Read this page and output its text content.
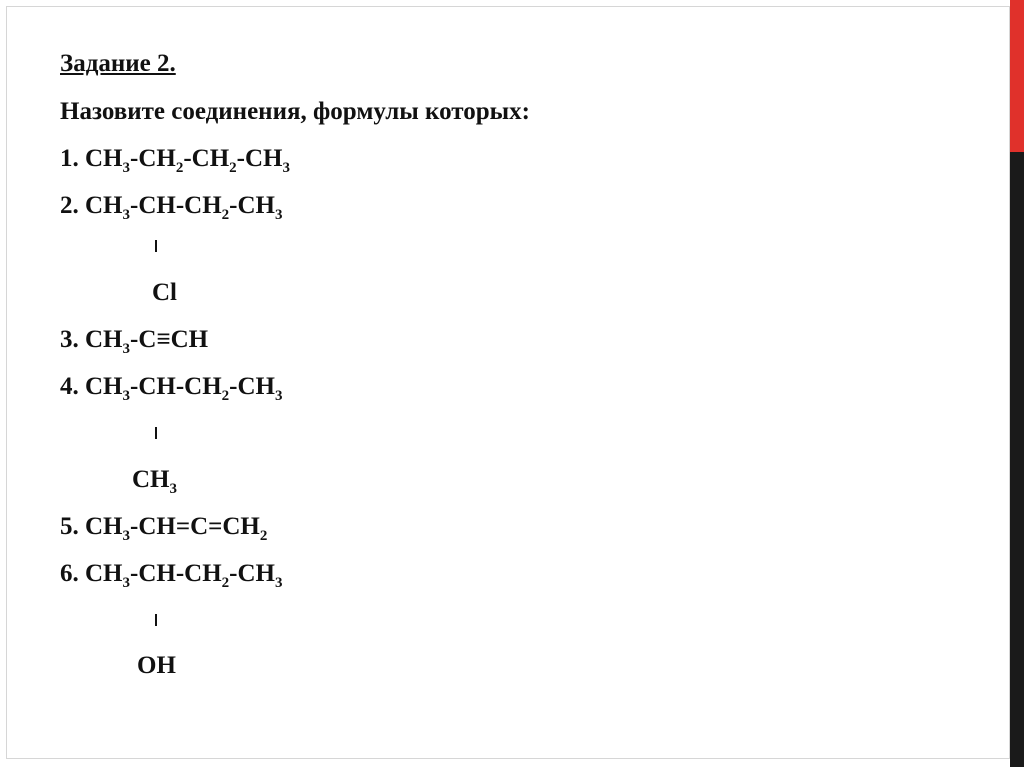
Задание 2.
Назовите соединения, формулы которых:
1. $CH_3-CH_2-CH_2-CH_3$
2. $CH_3-CH-CH_2-CH_3$
Cl
3. $CH_3-C\equiv CH$
4. $CH_3-CH-CH_2-CH_3$
$CH_3$
5. $CH_3-CH=C=CH_2$
6. $CH_3-CH-CH_2-CH_3$
OH
